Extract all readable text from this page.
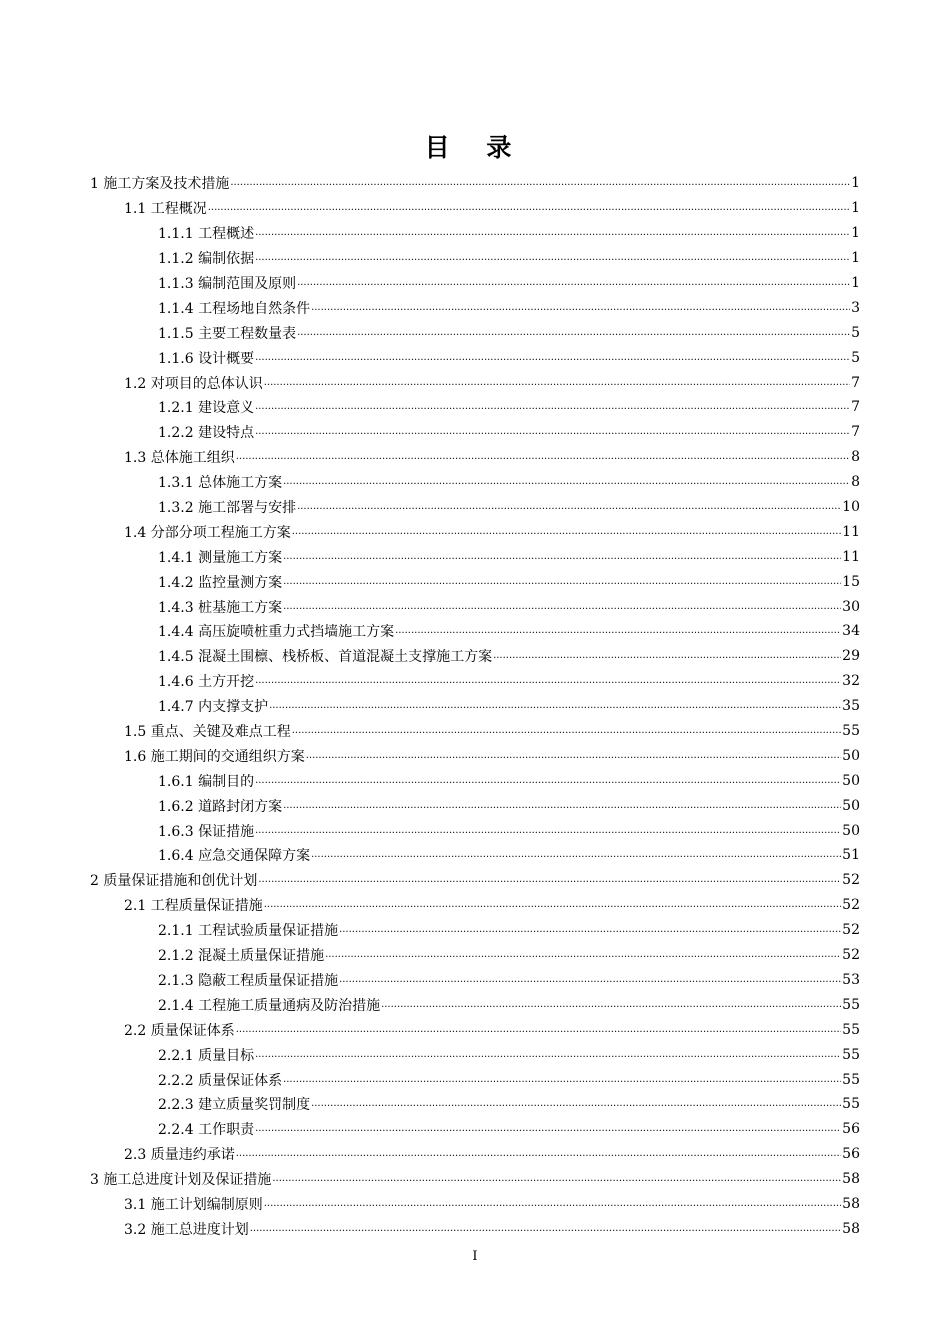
目 录
1 施工方案及技术措施 .....	1
1.1 工程概况 .....	1
1.1.1 工程概述 .....	1
1.1.2 编制依据 .....	1
1.1.3 编制范围及原则 .....	1
1.1.4 工程场地自然条件 .....	3
1.1.5 主要工程数量表 .....	5
1.1.6 设计概要 .....	5
1.2 对项目的总体认识 .....	7
1.2.1 建设意义 .....	7
1.2.2 建设特点 .....	7
1.3 总体施工组织 .....	8
1.3.1 总体施工方案 .....	8
1.3.2 施工部署与安排 .....	10
1.4 分部分项工程施工方案 .....	11
1.4.1 测量施工方案 .....	11
1.4.2 监控量测方案 .....	15
1.4.3 桩基施工方案 .....	30
1.4.4 高压旋喷桩重力式挡墙施工方案 .....	34
1.4.5 混凝土围檩、栈桥板、首道混凝土支撑施工方案 .....	29
1.4.6 土方开挖 .....	32
1.4.7 内支撑支护 .....	35
1.5 重点、关键及难点工程 .....	55
1.6 施工期间的交通组织方案 .....	50
1.6.1 编制目的 .....	50
1.6.2 道路封闭方案 .....	50
1.6.3 保证措施 .....	50
1.6.4 应急交通保障方案 .....	51
2 质量保证措施和创优计划 .....	52
2.1 工程质量保证措施 .....	52
2.1.1 工程试验质量保证措施 .....	52
2.1.2 混凝土质量保证措施 .....	52
2.1.3 隐蔽工程质量保证措施 .....	53
2.1.4 工程施工质量通病及防治措施 .....	55
2.2 质量保证体系 .....	55
2.2.1 质量目标 .....	55
2.2.2 质量保证体系 .....	55
2.2.3 建立质量奖罚制度 .....	55
2.2.4 工作职责 .....	56
2.3 质量违约承诺 .....	56
3 施工总进度计划及保证措施 .....	58
3.1 施工计划编制原则 .....	58
3.2 施工总进度计划 .....	58
I
